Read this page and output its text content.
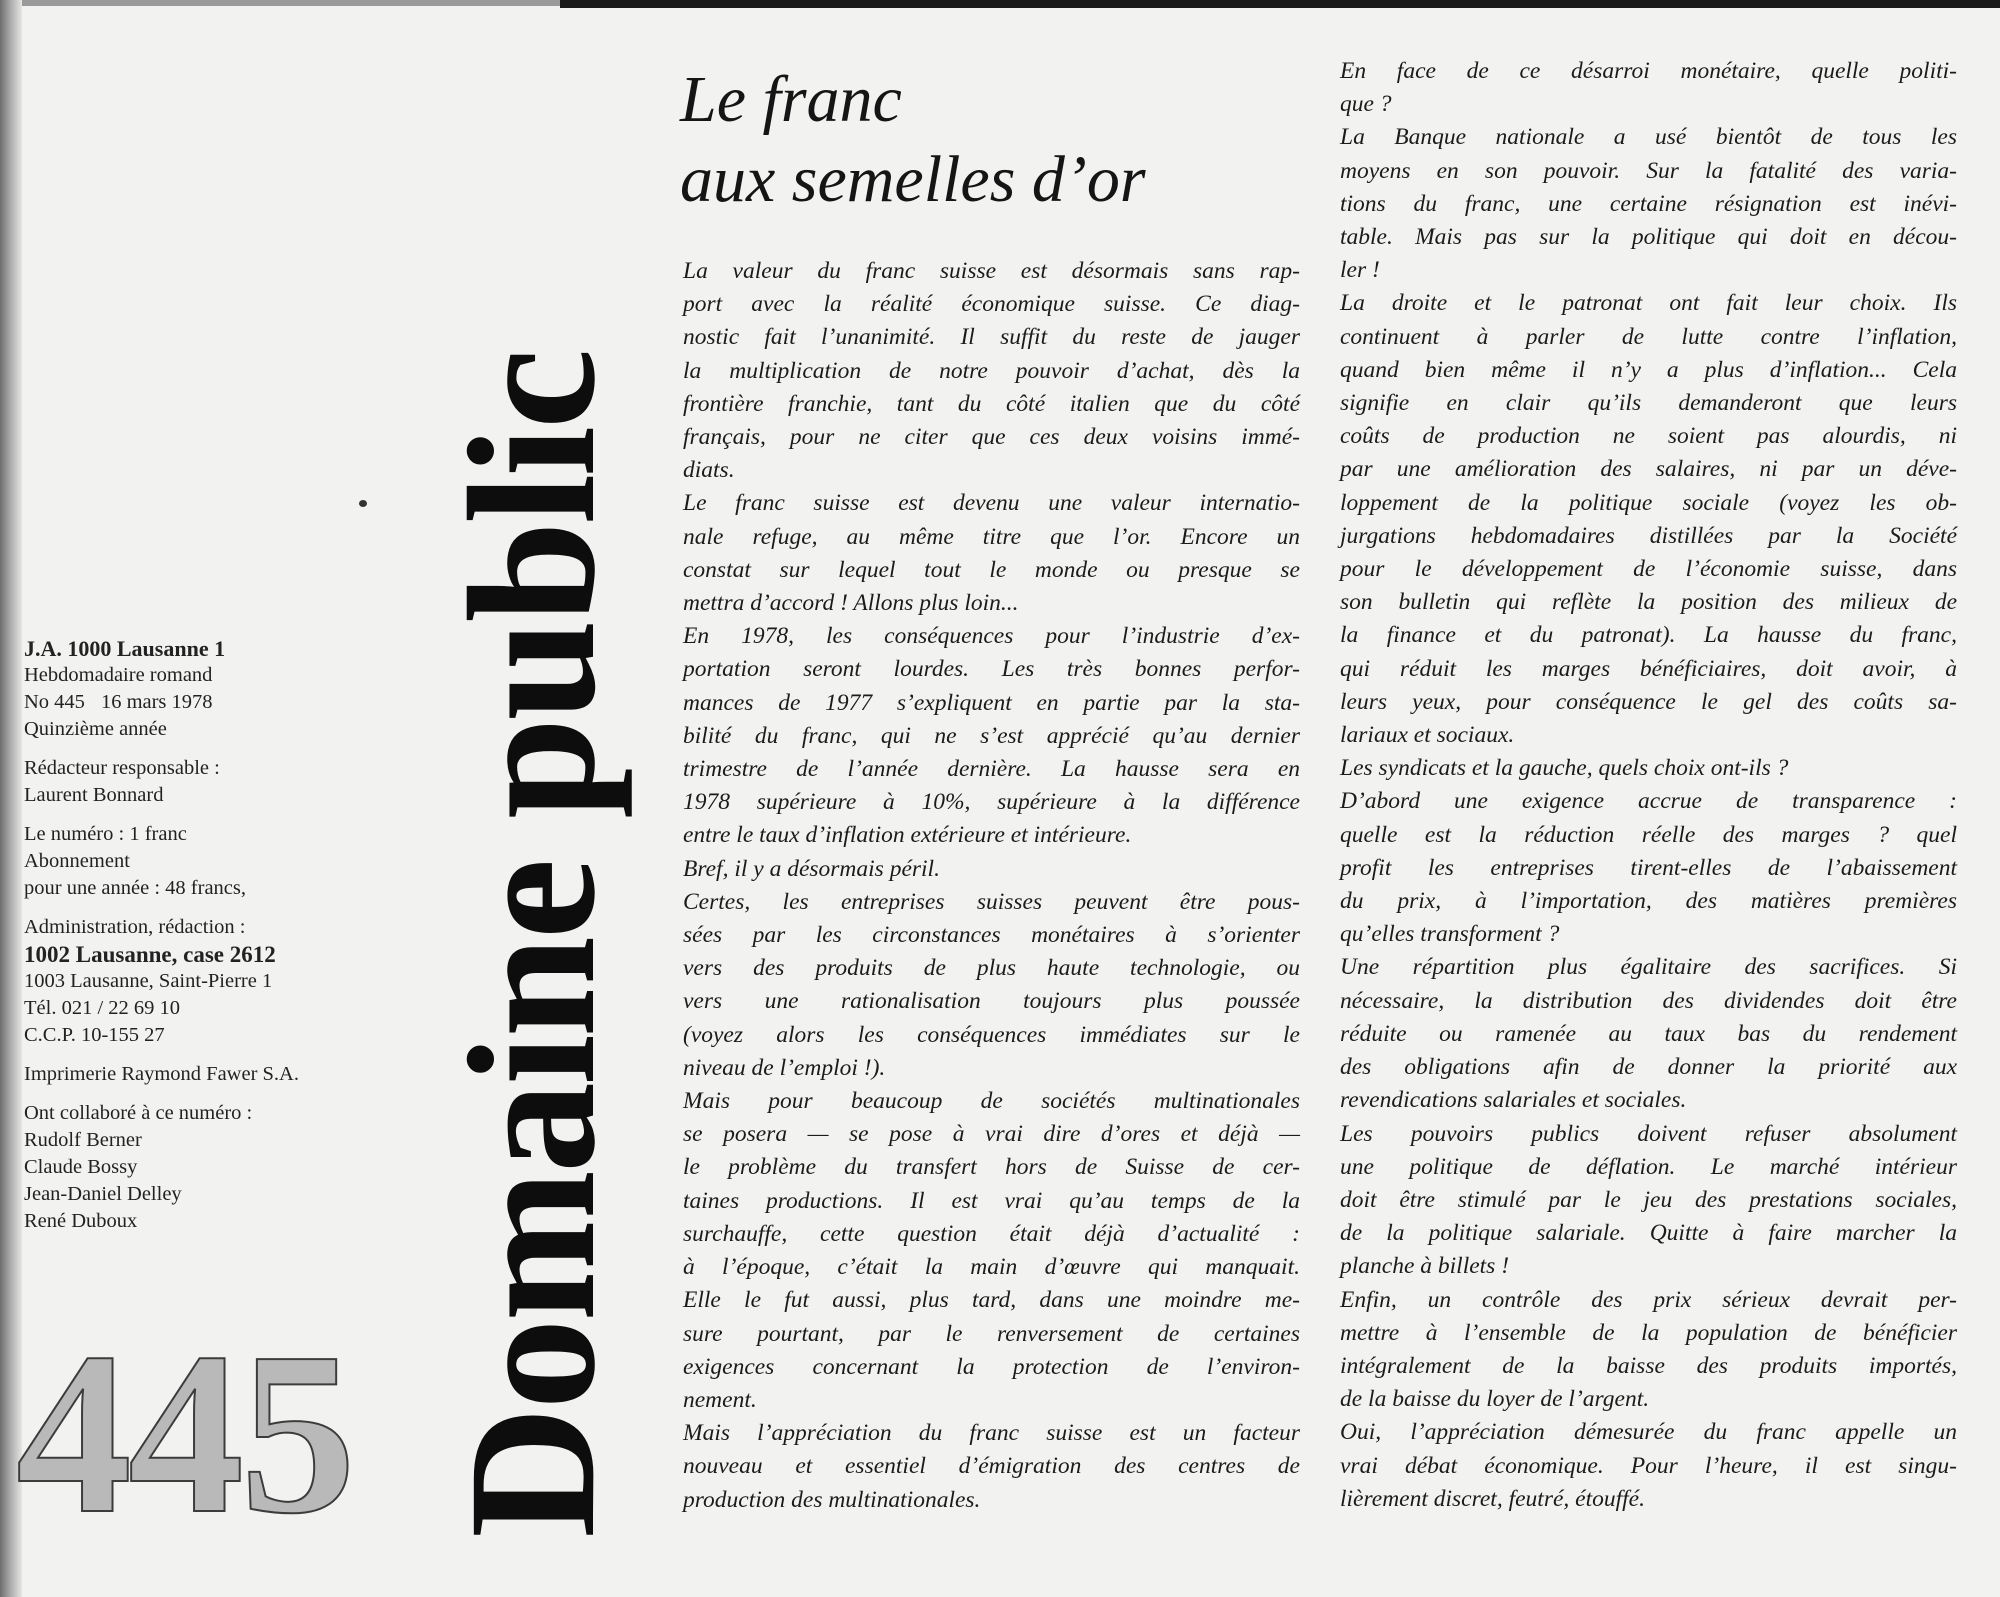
J.A. 1000 Lausanne 1
Hebdomadaire romand
No 445 16 mars 1978
Quinzième année
Rédacteur responsable :
Laurent Bonnard
Le numéro : 1 franc
Abonnement
pour une année : 48 francs,
Administration, rédaction :
1002 Lausanne, case 2612
1003 Lausanne, Saint-Pierre 1
Tél. 021 / 22 69 10
C.C.P. 10-155 27
Imprimerie Raymond Fawer S.A.
Ont collaboré à ce numéro :
Rudolf Berner
Claude Bossy
Jean-Daniel Delley
René Duboux
445 Domaine public
Le franc
aux semelles d’or
La valeur du franc suisse est désormais sans rap-
port avec la réalité économique suisse. Ce diag-
nostic fait l’unanimité. Il suffit du reste de jauger
la multiplication de notre pouvoir d’achat, dès la
frontière franchie, tant du côté italien que du côté
français, pour ne citer que ces deux voisins immé-
diats.
Le franc suisse est devenu une valeur internatio-
nale refuge, au même titre que l’or. Encore un
constat sur lequel tout le monde ou presque se
mettra d’accord ! Allons plus loin...
En 1978, les conséquences pour l’industrie d’ex-
portation seront lourdes. Les très bonnes perfor-
mances de 1977 s’expliquent en partie par la sta-
bilité du franc, qui ne s’est apprécié qu’au dernier
trimestre de l’année dernière. La hausse sera en
1978 supérieure à 10%, supérieure à la différence
entre le taux d’inflation extérieure et intérieure.
Bref, il y a désormais péril.
Certes, les entreprises suisses peuvent être pous-
sées par les circonstances monétaires à s’orienter
vers des produits de plus haute technologie, ou
vers une rationalisation toujours plus poussée
(voyez alors les conséquences immédiates sur le
niveau de l’emploi !).
Mais pour beaucoup de sociétés multinationales
se posera — se pose à vrai dire d’ores et déjà —
le problème du transfert hors de Suisse de cer-
taines productions. Il est vrai qu’au temps de la
surchauffe, cette question était déjà d’actualité :
à l’époque, c’était la main d’œuvre qui manquait.
Elle le fut aussi, plus tard, dans une moindre me-
sure pourtant, par le renversement de certaines
exigences concernant la protection de l’environ-
nement.
Mais l’appréciation du franc suisse est un facteur
nouveau et essentiel d’émigration des centres de
production des multinationales.
En face de ce désarroi monétaire, quelle politi-
que ?
La Banque nationale a usé bientôt de tous les
moyens en son pouvoir. Sur la fatalité des varia-
tions du franc, une certaine résignation est inévi-
table. Mais pas sur la politique qui doit en décou-
ler !
La droite et le patronat ont fait leur choix. Ils
continuent à parler de lutte contre l’inflation,
quand bien même il n’y a plus d’inflation... Cela
signifie en clair qu’ils demanderont que leurs
coûts de production ne soient pas alourdis, ni
par une amélioration des salaires, ni par un déve-
loppement de la politique sociale (voyez les ob-
jurgations hebdomadaires distillées par la Société
pour le développement de l’économie suisse, dans
son bulletin qui reflète la position des milieux de
la finance et du patronat). La hausse du franc,
qui réduit les marges bénéficiaires, doit avoir, à
leurs yeux, pour conséquence le gel des coûts sa-
lariaux et sociaux.
Les syndicats et la gauche, quels choix ont-ils ?
D’abord une exigence accrue de transparence :
quelle est la réduction réelle des marges ? quel
profit les entreprises tirent-elles de l’abaissement
du prix, à l’importation, des matières premières
qu’elles transforment ?
Une répartition plus égalitaire des sacrifices. Si
nécessaire, la distribution des dividendes doit être
réduite ou ramenée au taux bas du rendement
des obligations afin de donner la priorité aux
revendications salariales et sociales.
Les pouvoirs publics doivent refuser absolument
une politique de déflation. Le marché intérieur
doit être stimulé par le jeu des prestations sociales,
de la politique salariale. Quitte à faire marcher la
planche à billets !
Enfin, un contrôle des prix sérieux devrait per-
mettre à l’ensemble de la population de bénéficier
intégralement de la baisse des produits importés,
de la baisse du loyer de l’argent.
Oui, l’appréciation démesurée du franc appelle un
vrai débat économique. Pour l’heure, il est singu-
lièrement discret, feutré, étouffé.
